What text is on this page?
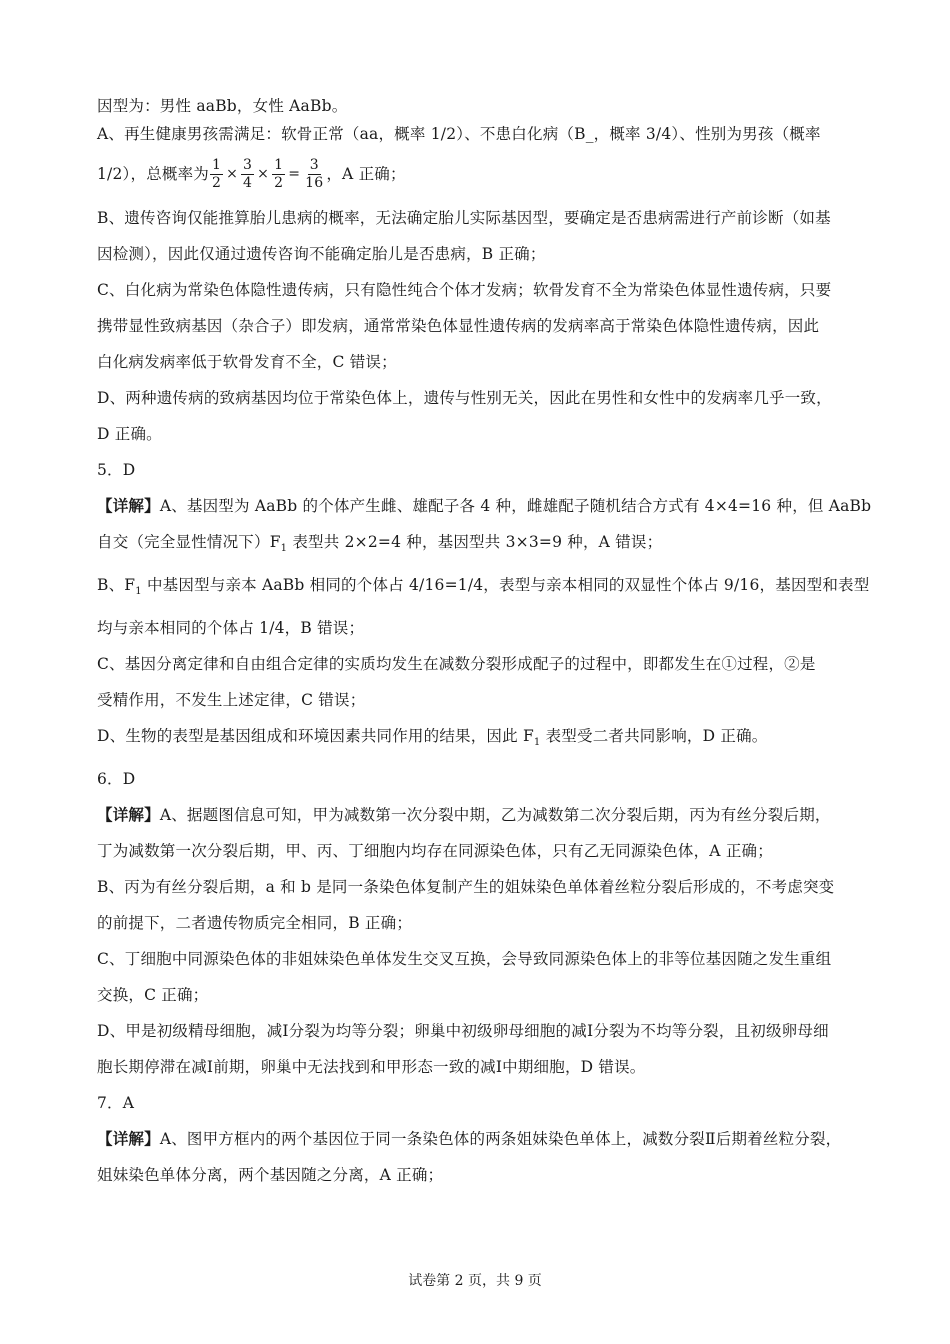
因型为：男性 aaBb，女性 AaBb。

A、再生健康男孩需满足：软骨正常（aa，概率 1/2）、不患白化病（B_，概率 3/4）、性别为男孩（概率

1/2），总概率为 $\frac{1}{2} \times \frac{3}{4} \times \frac{1}{2} = \frac{3}{16}$ ，A 正确；

B、遗传咨询仅能推算胎儿患病的概率，无法确定胎儿实际基因型，要确定是否患病需进行产前诊断（如基

因检测），因此仅通过遗传咨询不能确定胎儿是否患病，B 正确；

C、白化病为常染色体隐性遗传病，只有隐性纯合个体才发病；软骨发育不全为常染色体显性遗传病，只要

携带显性致病基因（杂合子）即发病，通常常染色体显性遗传病的发病率高于常染色体隐性遗传病，因此

白化病发病率低于软骨发育不全，C 错误；

D、两种遗传病的致病基因均位于常染色体上，遗传与性别无关，因此在男性和女性中的发病率几乎一致，

D 正确。

5．D

【详解】A、基因型为 AaBb 的个体产生雌、雄配子各 4 种，雌雄配子随机结合方式有 4×4=16 种，但 AaBb

自交（完全显性情况下）$F_1$ 表型共 2×2=4 种，基因型共 3×3=9 种，A 错误；

B、$F_1$ 中基因型与亲本 AaBb 相同的个体占 4/16=1/4，表型与亲本相同的双显性个体占 9/16，基因型和表型

均与亲本相同的个体占 1/4，B 错误；

C、基因分离定律和自由组合定律的实质均发生在减数分裂形成配子的过程中，即都发生在①过程，②是

受精作用，不发生上述定律，C 错误；

D、生物的表型是基因组成和环境因素共同作用的结果，因此 $F_1$ 表型受二者共同影响，D 正确。

6．D

【详解】A、据题图信息可知，甲为减数第一次分裂中期，乙为减数第二次分裂后期，丙为有丝分裂后期，

丁为减数第一次分裂后期，甲、丙、丁细胞内均存在同源染色体，只有乙无同源染色体，A 正确；

B、丙为有丝分裂后期，a 和 b 是同一条染色体复制产生的姐妹染色单体着丝粒分裂后形成的，不考虑突变

的前提下，二者遗传物质完全相同，B 正确；

C、丁细胞中同源染色体的非姐妹染色单体发生交叉互换，会导致同源染色体上的非等位基因随之发生重组

交换，C 正确；

D、甲是初级精母细胞，减Ⅰ分裂为均等分裂；卵巢中初级卵母细胞的减Ⅰ分裂为不均等分裂，且初级卵母细

胞长期停滞在减Ⅰ前期，卵巢中无法找到和甲形态一致的减Ⅰ中期细胞，D 错误。

7．A

【详解】A、图甲方框内的两个基因位于同一条染色体的两条姐妹染色单体上，减数分裂Ⅱ后期着丝粒分裂，

姐妹染色单体分离，两个基因随之分离，A 正确；

试卷第 2 页，共 9 页
